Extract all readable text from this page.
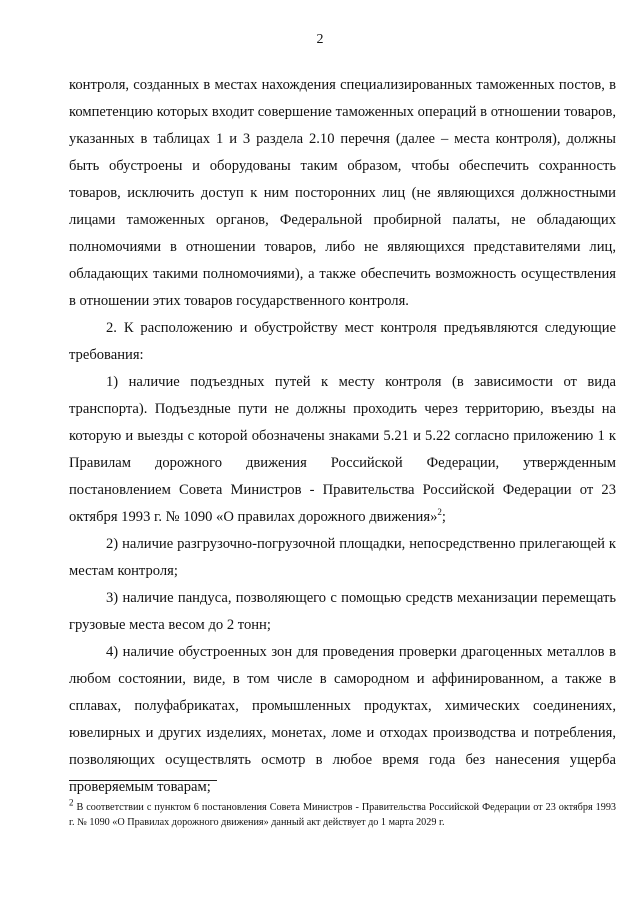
2

контроля, созданных в местах нахождения специализированных таможенных постов, в компетенцию которых входит совершение таможенных операций в отношении товаров, указанных в таблицах 1 и 3 раздела 2.10 перечня (далее – места контроля), должны быть обустроены и оборудованы таким образом, чтобы обеспечить сохранность товаров, исключить доступ к ним посторонних лиц (не являющихся должностными лицами таможенных органов, Федеральной пробирной палаты, не обладающих полномочиями в отношении товаров, либо не являющихся представителями лиц, обладающих такими полномочиями), а также обеспечить возможность осуществления в отношении этих товаров государственного контроля.

2. К расположению и обустройству мест контроля предъявляются следующие требования:

1) наличие подъездных путей к месту контроля (в зависимости от вида транспорта). Подъездные пути не должны проходить через территорию, въезды на которую и выезды с которой обозначены знаками 5.21 и 5.22 согласно приложению 1 к Правилам дорожного движения Российской Федерации, утвержденным постановлением Совета Министров - Правительства Российской Федерации от 23 октября 1993 г. № 1090 «О правилах дорожного движения»$^2$;

2) наличие разгрузочно-погрузочной площадки, непосредственно прилегающей к местам контроля;

3) наличие пандуса, позволяющего с помощью средств механизации перемещать грузовые места весом до 2 тонн;

4) наличие обустроенных зон для проведения проверки драгоценных металлов в любом состоянии, виде, в том числе в самородном и аффинированном, а также в сплавах, полуфабрикатах, промышленных продуктах, химических соединениях, ювелирных и других изделиях, монетах, ломе и отходах производства и потребления, позволяющих осуществлять осмотр в любое время года без нанесения ущерба проверяемым товарам;

$^2$ В соответствии с пунктом 6 постановления Совета Министров - Правительства Российской Федерации от 23 октября 1993 г. № 1090 «О Правилах дорожного движения» данный акт действует до 1 марта 2029 г.
